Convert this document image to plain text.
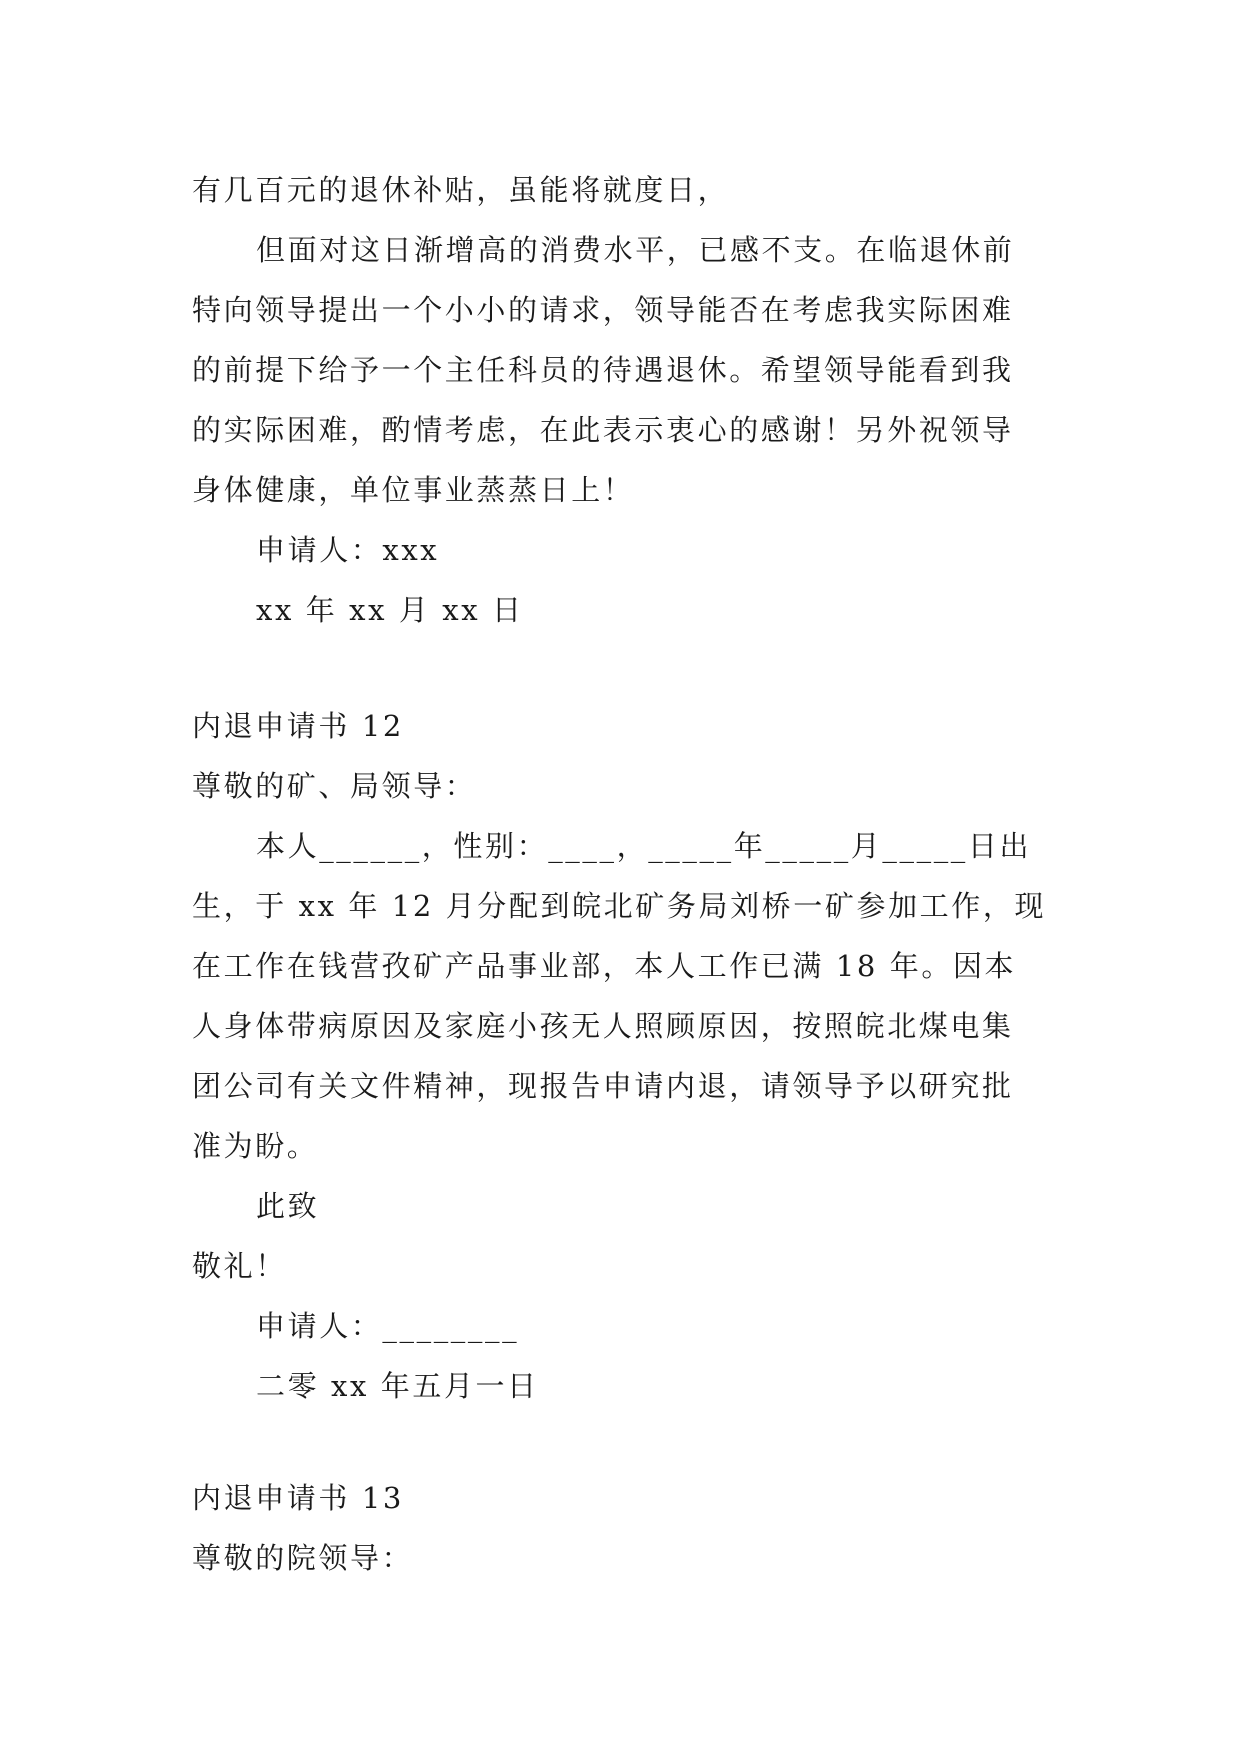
有几百元的退休补贴，虽能将就度日，

但面对这日渐增高的消费水平，已感不支。在临退休前

特向领导提出一个小小的请求，领导能否在考虑我实际困难

的前提下给予一个主任科员的待遇退休。希望领导能看到我

的实际困难，酌情考虑，在此表示衷心的感谢！另外祝领导

身体健康，单位事业蒸蒸日上！

申请人：xxx

xx 年 xx 月 xx 日

内退申请书 12

尊敬的矿、局领导：

本人______，性别：____，_____年_____月_____日出

生，于 xx 年 12 月分配到皖北矿务局刘桥一矿参加工作，现

在工作在钱营孜矿产品事业部，本人工作已满 18 年。因本

人身体带病原因及家庭小孩无人照顾原因，按照皖北煤电集

团公司有关文件精神，现报告申请内退，请领导予以研究批

准为盼。

此致

敬礼！

申请人：________

二零 xx 年五月一日

内退申请书 13

尊敬的院领导：
